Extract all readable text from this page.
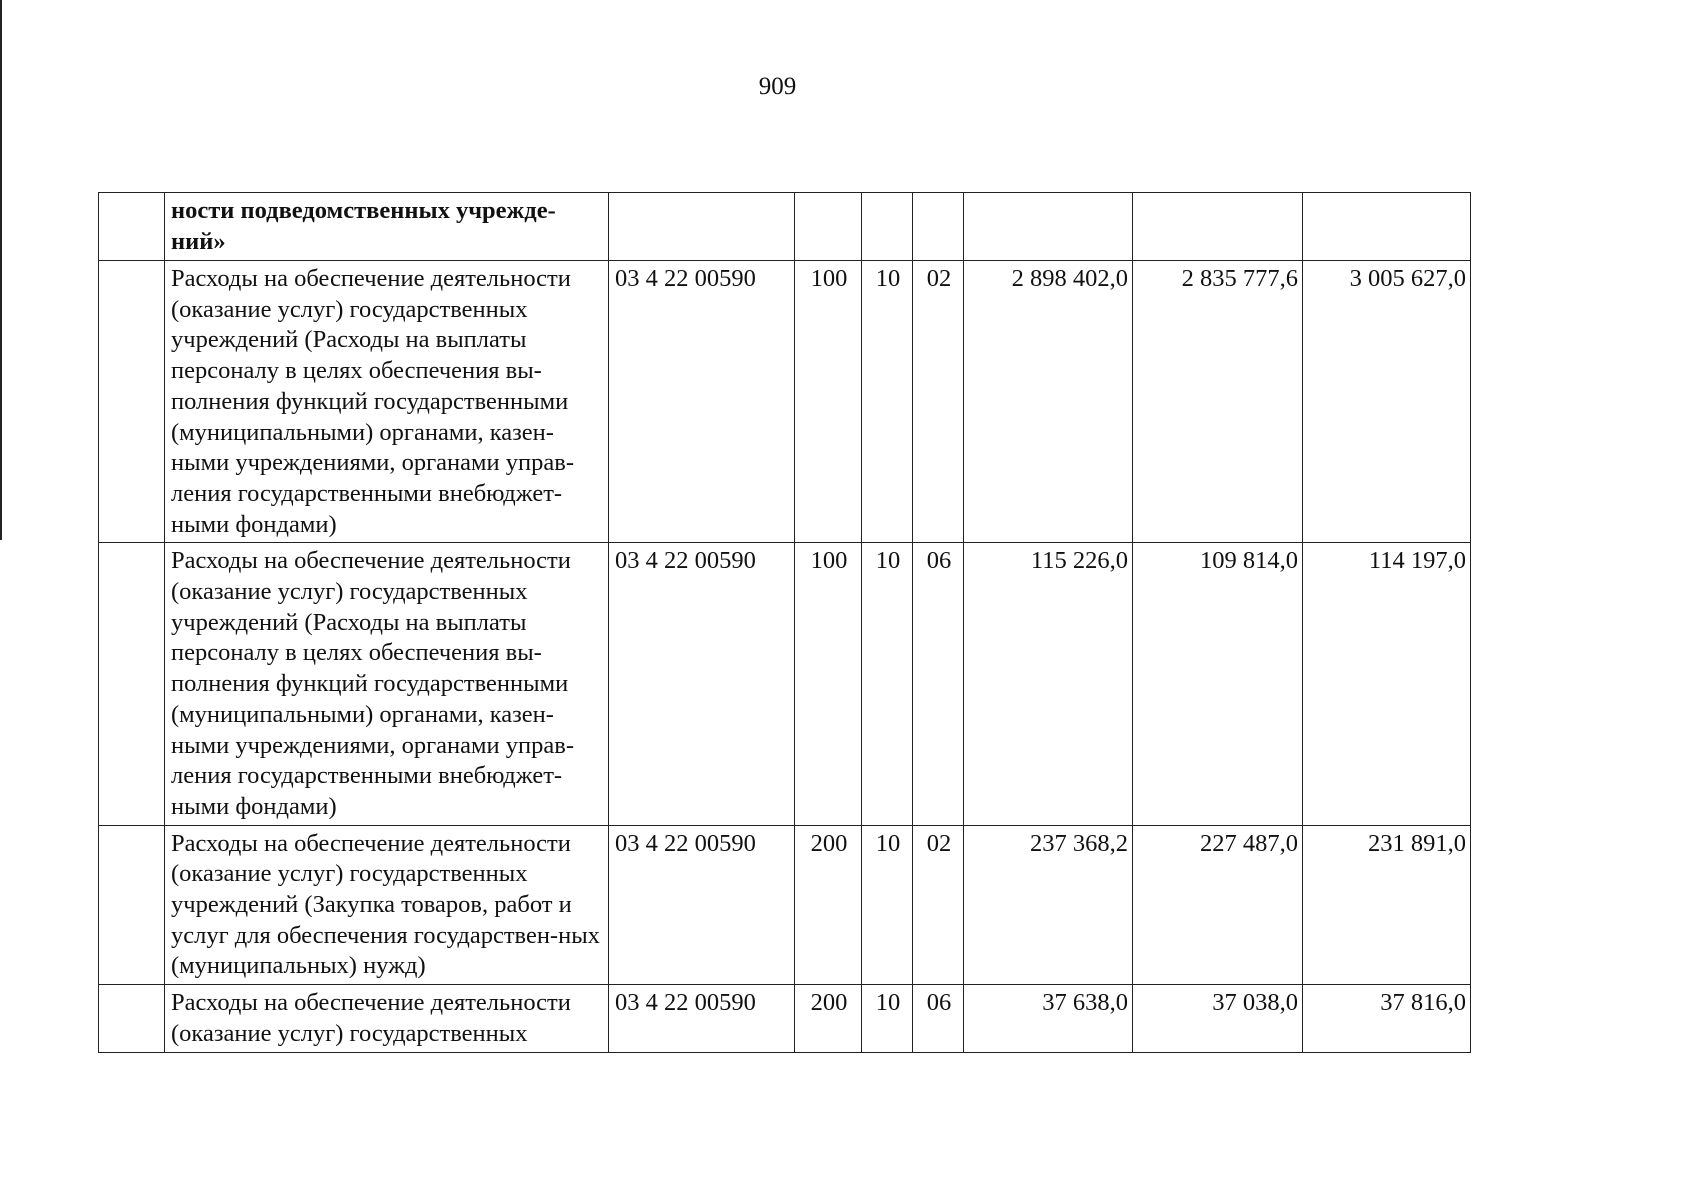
909
	ности подведомственных учрежде-ний»							
	Расходы на обеспечение деятельности (оказание услуг) государственных учреждений (Расходы на выплаты персоналу в целях обеспечения вы-полнения функций государственными (муниципальными) органами, казен-ными учреждениями, органами управ-ления государственными внебюджет-ными фондами)	03 4 22 00590	100	10	02	2 898 402,0	2 835 777,6	3 005 627,0
	Расходы на обеспечение деятельности (оказание услуг) государственных учреждений (Расходы на выплаты персоналу в целях обеспечения вы-полнения функций государственными (муниципальными) органами, казен-ными учреждениями, органами управ-ления государственными внебюджет-ными фондами)	03 4 22 00590	100	10	06	115 226,0	109 814,0	114 197,0
	Расходы на обеспечение деятельности (оказание услуг) государственных учреждений (Закупка товаров, работ и услуг для обеспечения государствен-ных (муниципальных) нужд)	03 4 22 00590	200	10	02	237 368,2	227 487,0	231 891,0
	Расходы на обеспечение деятельности (оказание услуг) государственных	03 4 22 00590	200	10	06	37 638,0	37 038,0	37 816,0
